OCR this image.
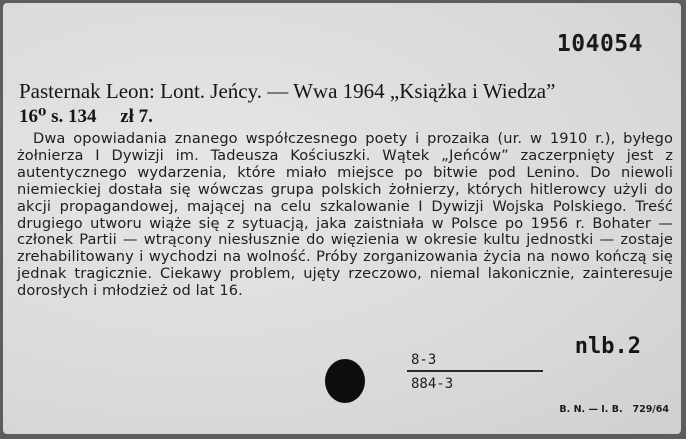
104054
Pasternak Leon: Lont. Jeńcy. — Wwa 1964 „Książka i Wiedza”
16⁰ s. 134     zł 7.
Dwa opowiadania znanego współczesnego poety i prozaika (ur. w 1910 r.), byłego żołnierza I Dywizji im. Tadeusza Kościuszki. Wątek „Jeńców” zaczerpnięty jest z autentycznego wydarzenia, które miało miejsce po bitwie pod Lenino. Do niewoli niemieckiej dostała się wówczas grupa polskich żołnierzy, których hitlerowcy użyli do akcji propagandowej, mającej na celu szkalowanie I Dywizji Wojska Polskiego. Treść drugiego utworu wiąże się z sytuacją, jaka zaistniała w Polsce po 1956 r. Bohater — członek Partii — wtrącony niesłusznie do więzienia w okresie kultu jednostki — zostaje zrehabilitowany i wychodzi na wolność. Próby zorganizowania życia na nowo kończą się jednak tragicznie. Ciekawy problem, ujęty rzeczowo, niemal lakonicznie, zainteresuje dorosłych i młodzież od lat 16.
nlb.2
8-3
884-3
B. N. — I. B.   729/64
